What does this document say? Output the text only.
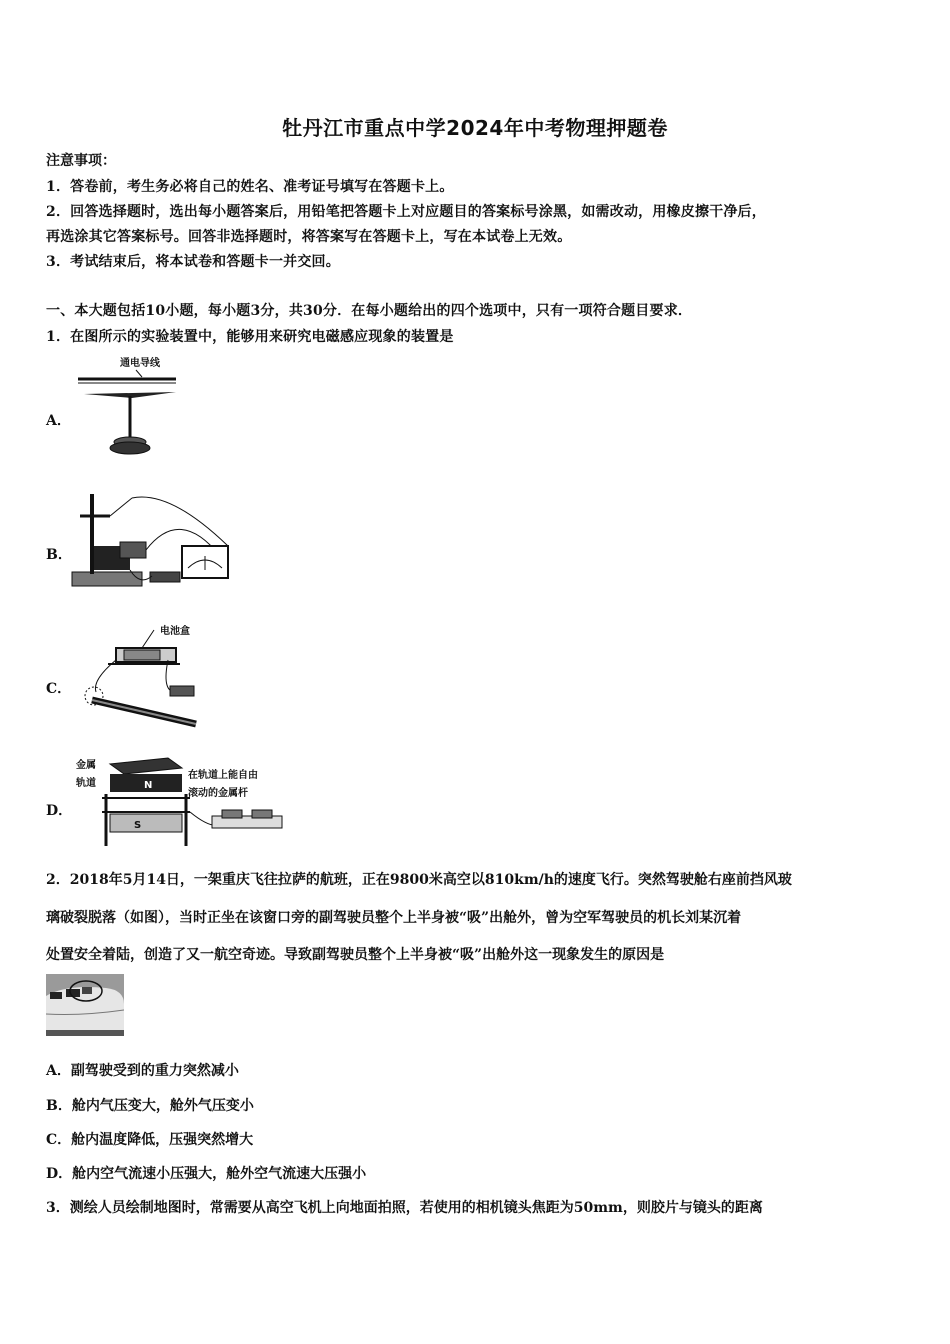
牡丹江市重点中学2024年中考物理押题卷
注意事项：
1．答卷前，考生务必将自己的姓名、准考证号填写在答题卡上。
2．回答选择题时，选出每小题答案后，用铅笔把答题卡上对应题目的答案标号涂黑，如需改动，用橡皮擦干净后，
再选涂其它答案标号。回答非选择题时，将答案写在答题卡上，写在本试卷上无效。
3．考试结束后，将本试卷和答题卡一并交回。
一、本大题包括10小题，每小题3分，共30分．在每小题给出的四个选项中，只有一项符合题目要求．
1．在图所示的实验装置中，能够用来研究电磁感应现象的装置是
A．
通电导线
B．
C．
电池盒
D．
金属
轨道	N
S
在轨道上能自由
滚动的金属杆
2．2018年5月14日，一架重庆飞往拉萨的航班，正在9800米高空以810km/h的速度飞行。突然驾驶舱右座前挡风玻
璃破裂脱落（如图），当时正坐在该窗口旁的副驾驶员整个上半身被“吸”出舱外，曾为空军驾驶员的机长刘某沉着
处置安全着陆，创造了又一航空奇迹。导致副驾驶员整个上半身被“吸”出舱外这一现象发生的原因是
A．副驾驶受到的重力突然减小
B．舱内气压变大，舱外气压变小
C．舱内温度降低，压强突然增大
D．舱内空气流速小压强大，舱外空气流速大压强小
3．测绘人员绘制地图时，常需要从高空飞机上向地面拍照，若使用的相机镜头焦距为50mm，则胶片与镜头的距离
